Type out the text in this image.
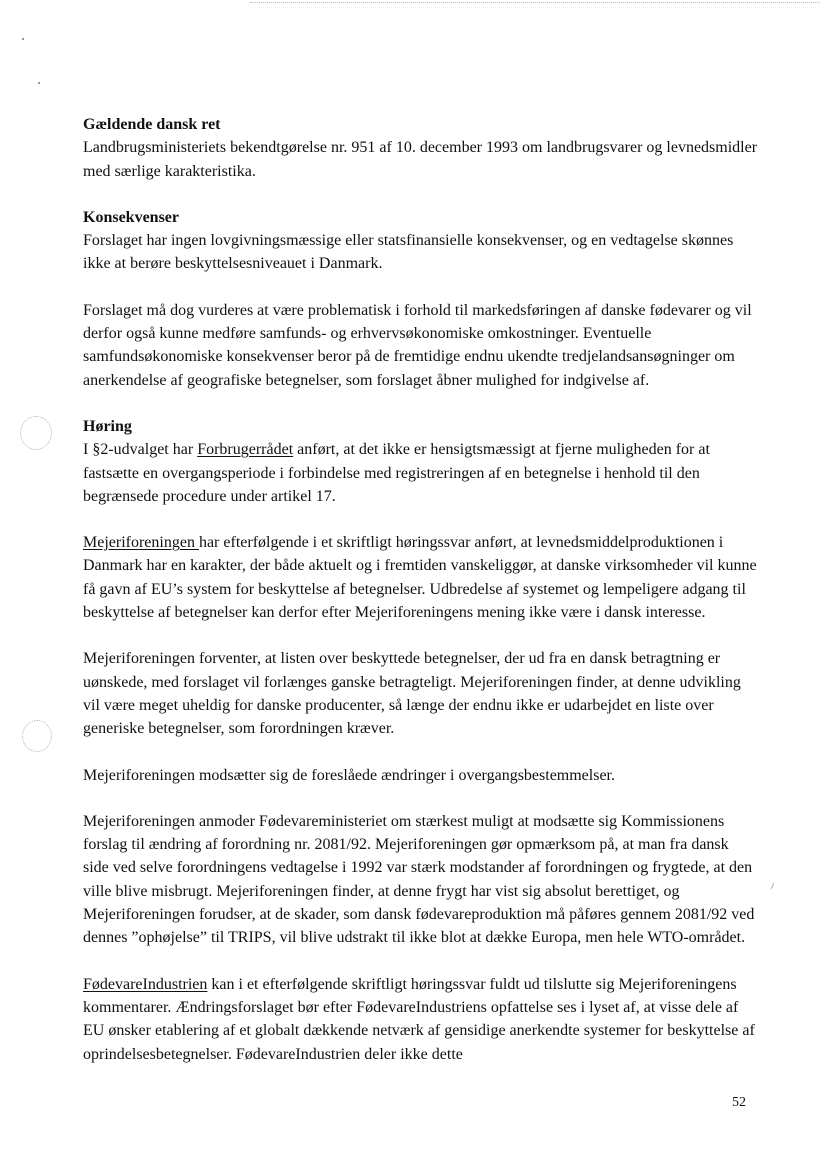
Gældende dansk ret
Landbrugsministeriets bekendtgørelse nr. 951 af 10. december 1993 om landbrugsvarer og levnedsmidler med særlige karakteristika.
Konsekvenser
Forslaget har ingen lovgivningsmæssige eller statsfinansielle konsekvenser, og en vedtagelse skønnes ikke at berøre beskyttelsesniveauet i Danmark.
Forslaget må dog vurderes at være problematisk i forhold til markedsføringen af danske fødevarer og vil derfor også kunne medføre samfunds- og erhvervsøkonomiske omkostninger. Eventuelle samfundsøkonomiske konsekvenser beror på de fremtidige endnu ukendte tredjelandsansøgninger om anerkendelse af geografiske betegnelser, som forslaget åbner mulighed for indgivelse af.
Høring
I §2-udvalget har Forbrugerrådet anført, at det ikke er hensigtsmæssigt at fjerne muligheden for at fastsætte en overgangsperiode i forbindelse med registreringen af en betegnelse i henhold til den begrænsede procedure under artikel 17.
Mejeriforeningen har efterfølgende i et skriftligt høringssvar anført, at levnedsmiddelproduktionen i Danmark har en karakter, der både aktuelt og i fremtiden vanskeliggør, at danske virksomheder vil kunne få gavn af EU’s system for beskyttelse af betegnelser. Udbredelse af systemet og lempeligere adgang til beskyttelse af betegnelser kan derfor efter Mejeriforeningens mening ikke være i dansk interesse.
Mejeriforeningen forventer, at listen over beskyttede betegnelser, der ud fra en dansk betragtning er uønskede, med forslaget vil forlænges ganske betragteligt. Mejeriforeningen finder, at denne udvikling vil være meget uheldig for danske producenter, så længe der endnu ikke er udarbejdet en liste over generiske betegnelser, som forordningen kræver.
Mejeriforeningen modsætter sig de foreslåede ændringer i overgangsbestemmelser.
Mejeriforeningen anmoder Fødevareministeriet om stærkest muligt at modsætte sig Kommissionens forslag til ændring af forordning nr. 2081/92. Mejeriforeningen gør opmærksom på, at man fra dansk side ved selve forordningens vedtagelse i 1992 var stærk modstander af forordningen og frygtede, at den ville blive misbrugt. Mejeriforeningen finder, at denne frygt har vist sig absolut berettiget, og Mejeriforeningen forudser, at de skader, som dansk fødevareproduktion må påføres gennem 2081/92 ved dennes ”ophøjelse” til TRIPS, vil blive udstrakt til ikke blot at dække Europa, men hele WTO-området.
FødevareIndustrien kan i et efterfølgende skriftligt høringssvar fuldt ud tilslutte sig Mejeriforeningens kommentarer. Ændringsforslaget bør efter FødevareIndustriens opfattelse ses i lyset af, at visse dele af EU ønsker etablering af et globalt dækkende netværk af gensidige anerkendte systemer for beskyttelse af oprindelsesbetegnelser. FødevareIndustrien deler ikke dette
52
